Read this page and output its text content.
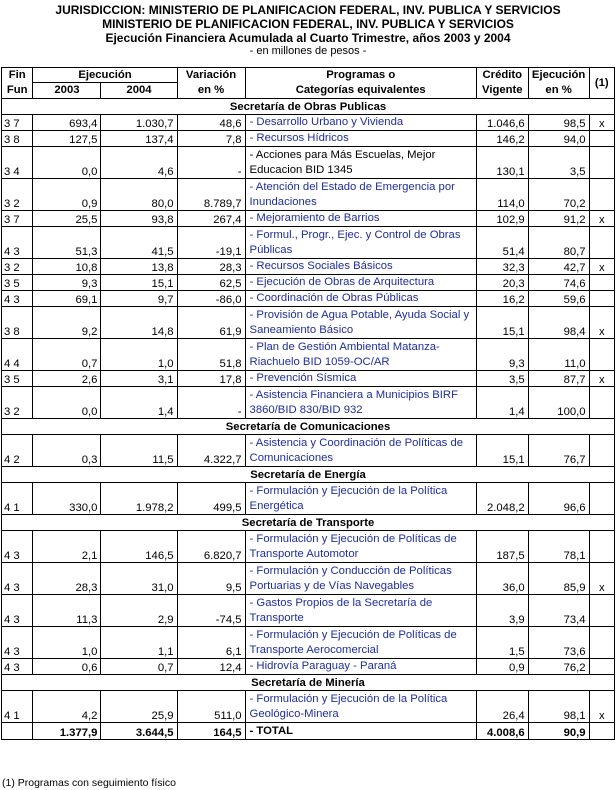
JURISDICCION: MINISTERIO DE PLANIFICACION FEDERAL, INV. PUBLICA Y SERVICIOS
MINISTERIO DE PLANIFICACION FEDERAL, INV. PUBLICA Y SERVICIOS
Ejecución Financiera Acumulada al Cuarto Trimestre, años 2003 y 2004
- en millones de pesos -
Fin	Ejecución		Variación	Programas o	Crédito	Ejecución	(1)
Fun	2003	2004	en %	Categorías equivalentes	Vigente	en %	
Secretaría de Obras Publicas							
3 7	693,4	1.030,7	48,6	- Desarrollo Urbano y Vivienda	1.046,6	98,5	x
3 8	127,5	137,4	7,8	- Recursos Hídricos	146,2	94,0	
3 4	0,0	4,6	-	- Acciones para Más Escuelas, Mejor Educacion BID 1345	130,1	3,5	
3 2	0,9	80,0	8.789,7	- Atención del Estado de Emergencia por Inundaciones	114,0	70,2	
3 7	25,5	93,8	267,4	- Mejoramiento de Barrios	102,9	91,2	x
4 3	51,3	41,5	-19,1	- Formul., Progr., Ejec. y Control de Obras Públicas	51,4	80,7	
3 2	10,8	13,8	28,3	- Recursos Sociales Básicos	32,3	42,7	x
3 5	9,3	15,1	62,5	- Ejecución de Obras de Arquitectura	20,3	74,6	
4 3	69,1	9,7	-86,0	- Coordinación de Obras Públicas	16,2	59,6	
3 8	9,2	14,8	61,9	- Provisión de Agua Potable, Ayuda Social y Saneamiento Básico	15,1	98,4	x
4 4	0,7	1,0	51,8	- Plan de Gestión Ambiental Matanza-Riachuelo BID 1059-OC/AR	9,3	11,0	
3 5	2,6	3,1	17,8	- Prevención Sísmica	3,5	87,7	x
3 2	0,0	1,4	-	- Asistencia Financiera a Municipios BIRF 3860/BID 830/BID 932	1,4	100,0	
Secretaría de Comunicaciones							
4 2	0,3	11,5	4.322,7	- Asistencia y Coordinación de Políticas de Comunicaciones	15,1	76,7	
Secretaría de Energía							
4 1	330,0	1.978,2	499,5	- Formulación y Ejecución de la Política Energética	2.048,2	96,6	
Secretaría de Transporte							
4 3	2,1	146,5	6.820,7	- Formulación y Ejecución de Políticas de Transporte Automotor	187,5	78,1	
4 3	28,3	31,0	9,5	- Formulación y Conducción de Políticas Portuarias y de Vías Navegables	36,0	85,9	x
4 3	11,3	2,9	-74,5	- Gastos Propios de la Secretaría de Transporte	3,9	73,4	
4 3	1,0	1,1	6,1	- Formulación y Ejecución de Políticas de Transporte Aerocomercial	1,5	73,6	
4 3	0,6	0,7	12,4	- Hidrovía Paraguay - Paraná	0,9	76,2	
Secretaría de Minería							
4 1	4,2	25,9	511,0	- Formulación y Ejecución de la Política Geológico-Minera	26,4	98,1	x
	1.377,9	3.644,5	164,5	- TOTAL	4.008,6	90,9	
(1) Programas con seguimiento físico
